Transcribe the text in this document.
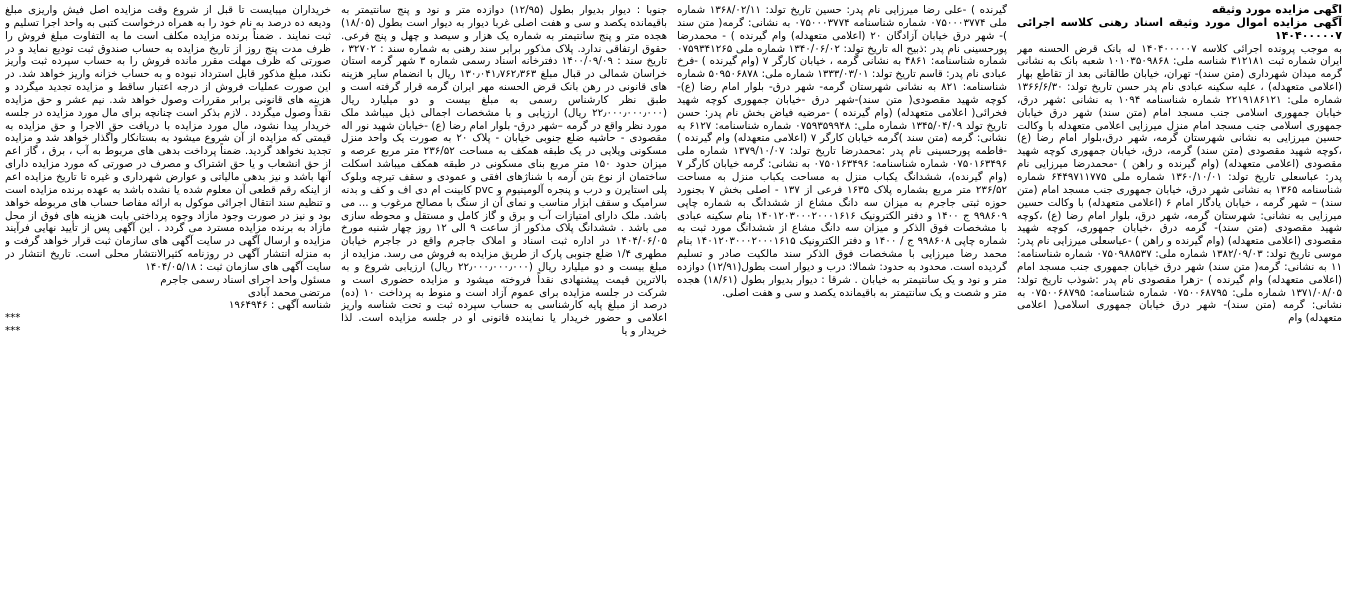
آگهی مزایده مورد وثیقه

آگهی مزایده اموال مورد وثیقه اسناد رهنی کلاسه اجرائی ۱۴۰۴۰۰۰۰۰۷

به موجب پرونده اجرائی کلاسه ۱۴۰۴۰۰۰۰۰۷ له بانک قرض الحسنه مهر ایران شماره ثبت ۳۱۲۱۸۱ شناسه ملی: ۱۰۱۰۳۵۰۹۸۶۸ شعبه بانک به نشانی گرمه میدان شهرداری (متن سند)- تهران، خیابان طالقانی بعد از تقاطع بهار (اعلامی متعهدله) ، علیه سکینه عبادی نام پدر حسن تاریخ تولد: ۱۳۶۶/۶/۳۰ شماره ملی: ۲۲۱۹۱۸۶۱۲۱ شماره شناسنامه ۱۰۹۴ به نشانی :شهر درق، خیابان جمهوری اسلامی جنب مسجد امام (متن سند) شهر درق خیابان جمهوری اسلامی جنب مسجد امام منزل میرزایی اعلامی متعهدله با وکالت حسین میرزایی به نشانی شهرستان گرمه، شهر درق،بلوار امام رضا (ع) ،کوچه شهید مقصودی (متن سند) گرمه، درق، خیابان جمهوری کوچه شهید مقصودی (اعلامی متعهدله) (وام گیرنده و راهن ) -محمدرضا میرزایی نام پدر: عباسعلی تاریخ تولد: ۱۳۶۰/۱۰/۰۱ شماره ملی ۶۴۴۹۷۱۱۷۷۵ شماره شناسنامه ۱۳۶۵ به نشانی شهر درق، خیابان جمهوری جنب مسجد امام (متن سند) – شهر گرمه ، خیابان یادگار امام ۶ (اعلامی متعهدله) با وکالت حسین میرزایی به نشانی: شهرستان گرمه، شهر درق، بلوار امام رضا (ع) ،کوچه شهید مقصودی (متن سند)- گرمه درق ،خیابان جمهوری، کوچه شهید مقصودی (اعلامی متعهدله) (وام گیرنده و راهن ) -عباسعلی میرزایی نام پدر: موسی تاریخ تولد: ۱۳۸۲/۰۹/۰۳ شماره ملی: ۰۷۵۰۹۸۸۵۳۷ شماره شناسنامه: ۱۱ به نشانی: گرمه( متن سند) شهر درق خیابان جمهوری جنب مسجد امام (اعلامی متعهدله) وام گیرنده ) -زهرا مقصودی نام پدر :شوذب تاریخ تولد: ۱۳۷۱/۰۸/۰۵ شماره ملی: ۰۷۵۰۰۶۸۷۹۵ شماره شناسنامه: ۰۷۵۰۰۶۸۷۹۵ به نشانی: گرمه (متن سند)- شهر درق خیابان جمهوری اسلامی( اعلامی متعهدله) وام

گیرنده ) -علی رضا میرزایی نام پدر: حسین تاریخ تولد: ۱۳۶۸/۰۲/۱۱ شماره ملی ۰۷۵۰۰۰۳۷۷۴ شماره شناسنامه ۰۷۵۰۰۰۳۷۷۴ به نشانی: گرمه( متن سند )- شهر درق خیابان آزادگان ۲۰ (اعلامی متعهدله) وام گیرنده ) - محمدرضا پورحسینی نام پدر :ذبیح اله تاریخ تولد: ۱۳۴۰/۰۶/۰۲ شماره ملی ۰۷۵۹۳۴۱۲۶۵ شماره شناسنامه: ۴۸۶۱ به نشانی گرمه ، خیابان کارگر ۷ (وام گیرنده ) -فرخ عبادی نام پدر: قاسم تاریخ تولد: ۱۳۳۳/۰۳/۰۱ شماره ملی: ۵۰۹۵۰۶۸۷۸ شماره شناسنامه: ۸۲۱ به نشانی شهرستان گرمه- شهر درق- بلوار امام رضا (ع)- کوچه شهید مقصودی( متن سند)-شهر درق -خیابان جمهوری کوچه شهید فخرائی( اعلامی متعهدله) (وام گیرنده ) -مرضیه فیاض بخش نام پدر: حسن تاریخ تولد ۱۳۴۵/۰۴/۰۹ شماره ملی: ۰۷۵۹۳۵۹۹۴۸ شماره شناسنامه: ۶۱۲۷ به نشانی: گرمه (متن سند )گرمه خیابان کارگر ۷ (اعلامی متعهدله) وام گیرنده ) -فاطمه پورحسینی نام پدر :محمدرضا تاریخ تولد: ۱۳۷۹/۱۰/۰۷ شماره ملی ۰۷۵۰۱۶۳۴۹۶ شماره شناسنامه: ۰۷۵۰۱۶۳۴۹۶ به نشانی: گرمه خیابان کارگر ۷ (وام گیرنده)، ششدانگ یکباب منزل به مساحت یکباب منزل به مساحت ۲۳۶/۵۲ متر مربع بشماره پلاک ۱۶۳۵ فرعی از ۱۳۷ - اصلی بخش ۷ بجنورد حوزه ثبتی جاجرم به میزان سه دانگ مشاع از ششدانگ به شماره چاپی ۹۹۸۶۰۹ ج ۱۴۰۰ و دفتر الکترونیک ۱۴۰۱۲۰۳۰۰۰۲۰۰۰۱۶۱۶ بنام سکینه عبادی با مشخصات فوق الذکر و میزان سه دانگ مشاع از ششدانگ مورد ثبت به شماره چاپی ۹۹۸۶۰۸ ج / ۱۴۰۰ و دفتر الکترونیک ۱۴۰۱۲۰۳۰۰۰۲۰۰۰۱۶۱۵ بنام محمد رضا میرزایی با مشخصات فوق الذکر سند مالکیت صادر و تسلیم گردیده است. محدود به حدود: شمالا: درب و دیوار است بطول(۱۲/۹۱) دوازده متر و نود و یک سانتیمتر به خیابان . شرقا : دیوار بدیوار بطول (۱۸/۶۱) هجده متر و شصت و یک سانتیمتر به باقیمانده یکصد و سی و هفت اصلی.

جنوبا : دیوار بدیوار بطول (۱۲/۹۵) دوازده متر و نود و پنج سانتیمتر به باقیمانده یکصد و سی و هفت اصلی غربا دیوار به دیوار است بطول (۱۸/۰۵) هجده متر و پنج سانتیمتر به شماره یک هزار و سیصد و چهل و پنج فرعی. حقوق ارتفاقی ندارد. پلاک مذکور برابر سند رهنی به شماره سند : ۳۲۷۰۲ ، تاریخ سند : ۱۴۰۰/۰۹/۰۹ دفترخانه اسناد رسمی شماره ۳ شهر گرمه استان خراسان شمالی در قبال مبلغ ۱۳۰٫۰۴۱٫۷۶۲٫۳۶۳ ریال با انضمام سایر هزینه های قانونی در رهن بانک قرض الحسنه مهر ایران گرمه قرار گرفته است و طبق نظر کارشناس رسمی به مبلغ بیست و دو میلیارد ریال (۲۲٫۰۰۰٫۰۰۰٫۰۰۰ ریال) ارزیابی و با مشخصات اجمالی ذیل میباشد ملک مورد نظر واقع در گرمه –شهر درق- بلوار امام رضا (ع) -خیابان شهید نور اله مقصودی - حاشیه ضلع جنوبی خیابان - پلاک ۲۰ به صورت یک واحد منزل مسکونی ویلایی در یک طبقه همکف به مساحت ۲۳۶/۵۲ متر مربع عرصه و میزان حدود ۱۵۰ متر مربع بنای مسکونی در طبقه همکف میباشد اسکلت ساختمان از نوع بتن آرمه با شناژهای افقی و عمودی و سقف تیرچه وبلوک پلی استایرن و درب و پنجره آلومینیوم و pvc کابینت ام دی اف و کف و بدنه سرامیک و سقف ابزار مناسب و نمای آن از سنگ با مصالح مرغوب و ... می باشد. ملک دارای امتیازات آب و برق و گاز کامل و مستقل و محوطه سازی می باشد . ششدانگ پلاک مذکور از ساعت ۹ الی ۱۲ روز چهار شنبه مورخ ۱۴۰۴/۰۶/۰۵ در اداره ثبت اسناد و املاک جاجرم واقع در جاجرم خیابان مطهری ۱/۴ ضلع جنوبی پارک از طریق مزایده به فروش می رسد. مزایده از مبلغ بیست و دو میلیارد ریال (۲۲٫۰۰۰٫۰۰۰٫۰۰۰ ریال) ارزیابی شروع و به بالاترین قیمت پیشنهادی نقداً فروخته میشود و مزایده حضوری است و شرکت در جلسه مزایده برای عموم آزاد است و منوط به پرداخت ۱۰ (ده) درصد از مبلغ پایه کارشناسی به حساب سپرده ثبت و تحت شناسه واریز اعلامی و حضور خریدار یا نماینده قانونی او در جلسه مزایده است. لذا خریدار و یا

خریداران میبایست تا قبل از شروع وقت مزایده اصل فیش واریزی مبلغ ودیعه ده درصد به نام خود را به همراه درخواست کتبی به واحد اجرا تسلیم و ثبت نمایند . ضمناً برنده مزایده مکلف است ما به التفاوت مبلغ فروش را ظرف مدت پنج روز از تاریخ مزایده به حساب صندوق ثبت تودیع نماید و در صورتی که ظرف مهلت مقرر مانده فروش را به حساب سپرده ثبت واریز نکند، مبلغ مذکور قابل استرداد نبوده و به حساب خزانه واریز خواهد شد. در این صورت عملیات فروش از درجه اعتبار ساقط و مزایده تجدید میگردد و هزینه های قانونی برابر مقررات وصول خواهد شد. نیم عشر و حق مزایده نقداً وصول میگردد . لازم بذکر است چنانچه برای مال مورد مزایده در جلسه خریدار پیدا نشود، مال مورد مزایده با دریافت حق الاجرا و حق مزایده به قیمتی که مزایده از آن شروع میشود به بستانکار واگذار خواهد شد و مزایده تجدید نخواهد گردید. ضمناً پرداخت بدهی های مربوط به آب ، برق ، گاز اعم از حق انشعاب و یا حق اشتراک و مصرف در صورتی که مورد مزایده دارای آنها باشد و نیز بدهی مالیاتی و عوارض شهرداری و غیره تا تاریخ مزایده اعم از اینکه رقم قطعی آن معلوم شده یا نشده باشد به عهده برنده مزایده است و تنظیم سند انتقال اجرائی موکول به ارائه مفاصا حساب های مربوطه خواهد بود و نیز در صورت وجود مازاد وجوه پرداختی بابت هزینه های فوق از محل مازاد به برنده مزایده مسترد می گردد . این آگهی پس از تأیید نهایی فرآیند مزایده و ارسال آگهی در سایت آگهی های سازمان ثبت قرار خواهد گرفت و به منزله انتشار آگهی در روزنامه کثیرالانتشار محلی است. تاریخ انتشار در سایت آگهی های سازمان ثبت : ۱۴۰۴/۰۵/۱۸

مسئول واحد اجرای اسناد رسمی جاجرم

مرتضی محمد آبادی

شناسه آگهی : ۱۹۶۴۹۴۶

***

***
